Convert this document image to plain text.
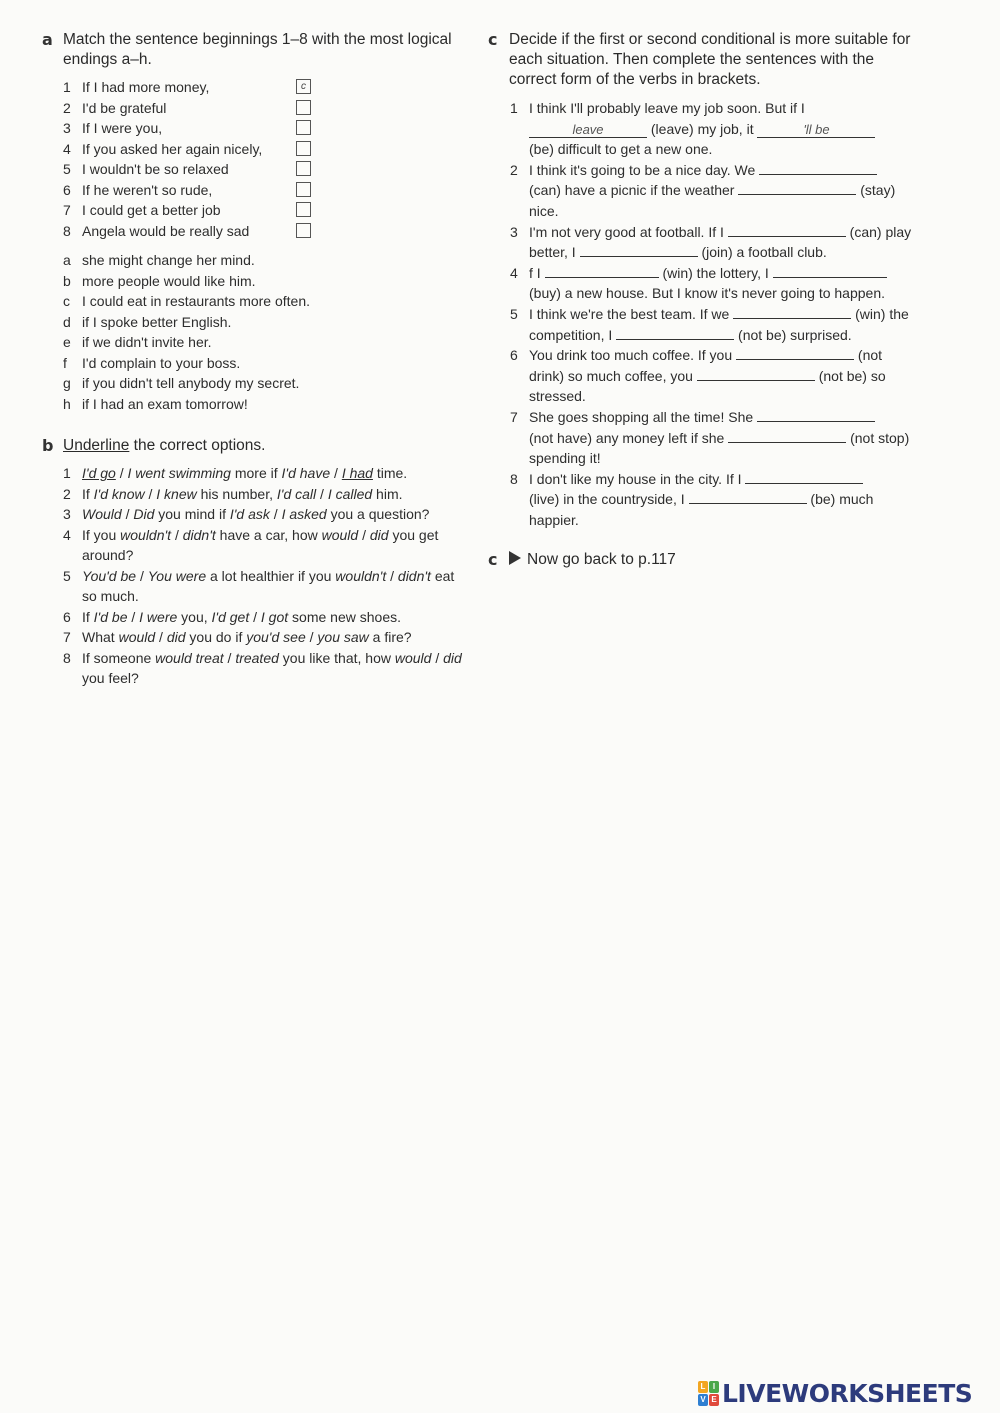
a Match the sentence beginnings 1–8 with the most logical endings a–h.
1 If I had more money,	c
2 I'd be grateful
3 If I were you,
4 If you asked her again nicely,
5 I wouldn't be so relaxed
6 If he weren't so rude,
7 I could get a better job
8 Angela would be really sad
a she might change her mind.
b more people would like him.
c I could eat in restaurants more often.
d if I spoke better English.
e if we didn't invite her.
f I'd complain to your boss.
g if you didn't tell anybody my secret.
h if I had an exam tomorrow!
b Underline the correct options.
1 I'd go / I went swimming more if I'd have / I had time.
2 If I'd know / I knew his number, I'd call / I called him.
3 Would / Did you mind if I'd ask / I asked you a question?
4 If you wouldn't / didn't have a car, how would / did you get around?
5 You'd be / You were a lot healthier if you wouldn't / didn't eat so much.
6 If I'd be / I were you, I'd get / I got some new shoes.
7 What would / did you do if you'd see / you saw a fire?
8 If someone would treat / treated you like that, how would / did you feel?
c Decide if the first or second conditional is more suitable for each situation. Then complete the sentences with the correct form of the verbs in brackets.
1 I think I'll probably leave my job soon. But if I
leave	(leave) my job, it	'll be
(be) difficult to get a new one.
2 I think it's going to be a nice day. We
(can) have a picnic if the weather	(stay) nice.
3 I'm not very good at football. If I	(can) play better, I	(join) a football club.
4 f I	(win) the lottery, I
(buy) a new house. But I know it's never going to happen.
5 I think we're the best team. If we	(win) the competition, I	(not be) surprised.
6 You drink too much coffee. If you	(not drink) so much coffee, you	(not be) so stressed.
7 She goes shopping all the time! She
(not have) any money left if she	(not stop) spending it!
8 I don't like my house in the city. If I
(live) in the countryside, I	(be) much happier.
c Now go back to p.117
L I
V E LIVEWORKSHEETS
